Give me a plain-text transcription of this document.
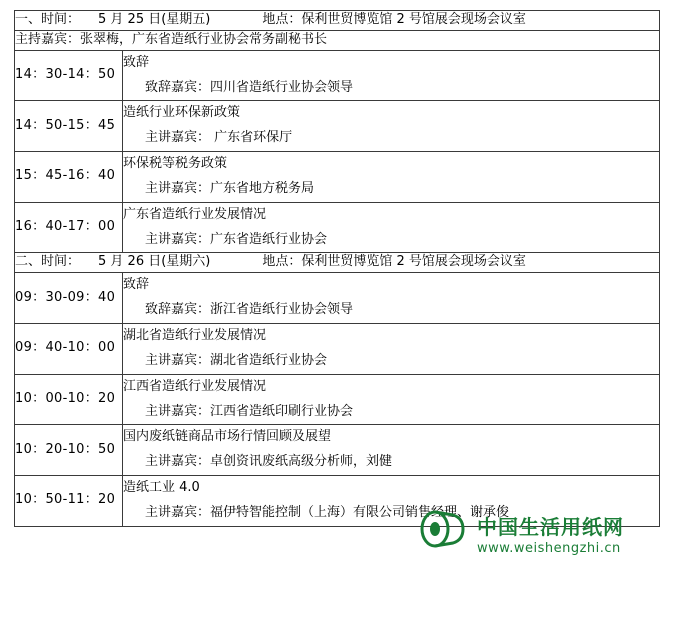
一、时间： 5 月 25 日(星期五) 地点：保利世贸博览馆 2 号馆展会现场会议室	
主持嘉宾：张翠梅，广东省造纸行业协会常务副秘书长	
14：30-14：50	致辞
致辞嘉宾：四川省造纸行业协会领导

14：50-15：45	造纸行业环保新政策
主讲嘉宾： 广东省环保厅

15：45-16：40	环保税等税务政策
主讲嘉宾：广东省地方税务局

16：40-17：00	广东省造纸行业发展情况
主讲嘉宾：广东省造纸行业协会

二、时间： 5 月 26 日(星期六) 地点：保利世贸博览馆 2 号馆展会现场会议室	
09：30-09：40	致辞
致辞嘉宾：浙江省造纸行业协会领导

09：40-10：00	湖北省造纸行业发展情况
主讲嘉宾：湖北省造纸行业协会

10：00-10：20	江西省造纸行业发展情况
主讲嘉宾：江西省造纸印刷行业协会

10：20-10：50	国内废纸链商品市场行情回顾及展望
主讲嘉宾：卓创资讯废纸高级分析师，刘健

10：50-11：20	造纸工业 4.0
主讲嘉宾：福伊特智能控制（上海）有限公司销售经理、谢承俊
中国生活用纸网
www.weishengzhi.cn
